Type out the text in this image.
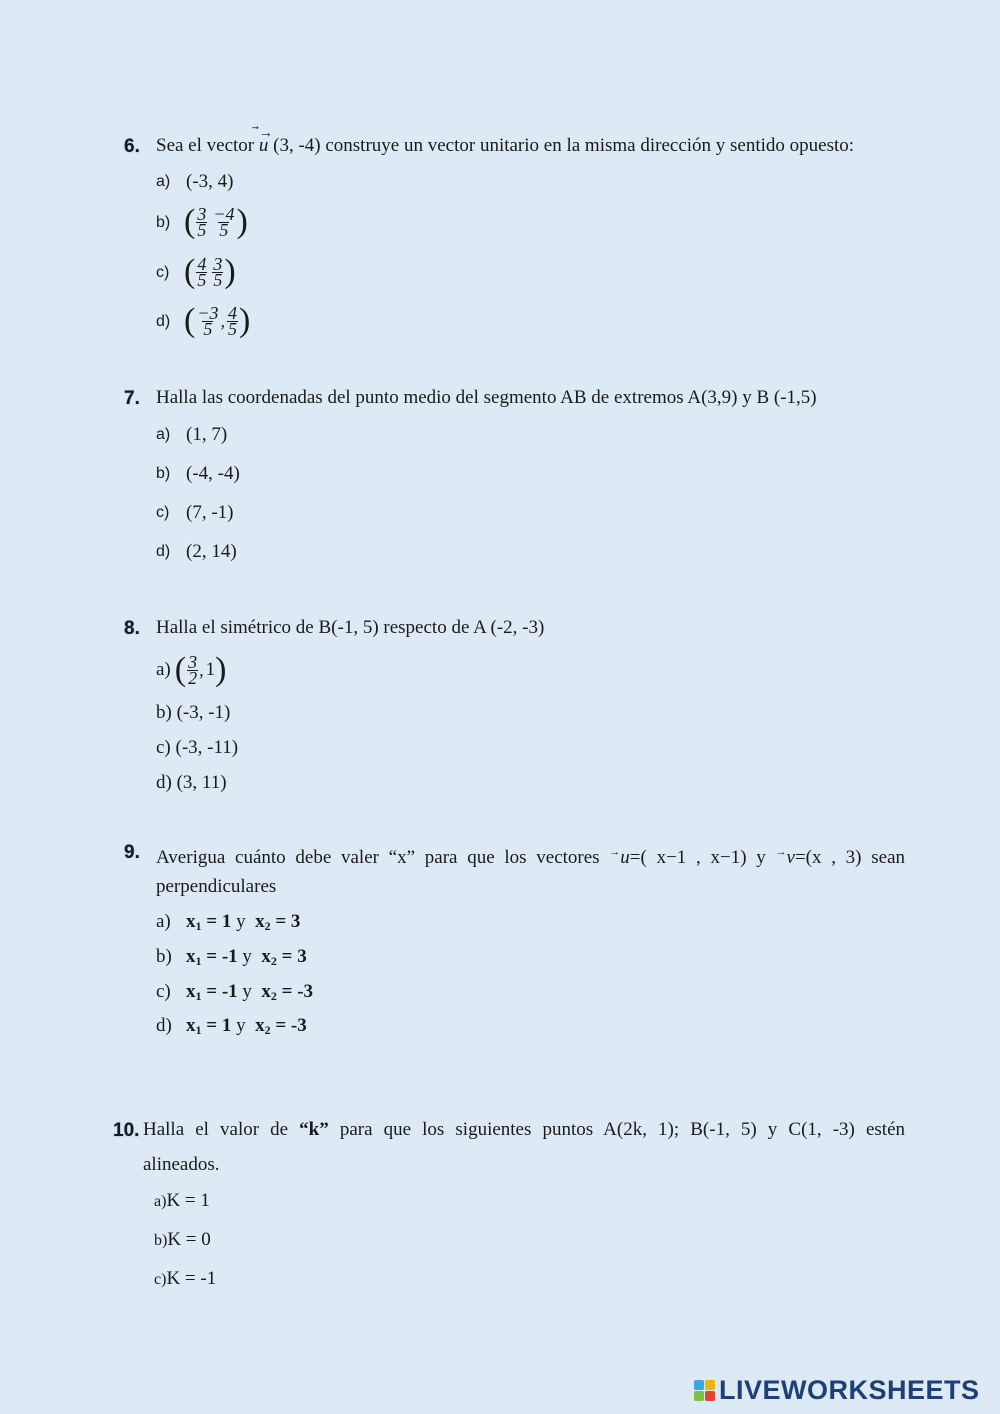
6. Sea el vector
⃗→
u (3, -4) construye un vector unitario en la misma dirección y sentido opuesto:
a) (-3, 4)
b) ( $\frac{3}{5} \frac{-4}{5}$ )
c) ( $\frac{4}{5} \frac{3}{5}$ )
d) ( $\frac{-3}{5}$ , $\frac{4}{5}$ )
7. Halla las coordenadas del punto medio del segmento AB de extremos A(3,9) y B (-1,5)
a) (1, 7)
b) (-4, -4)
c) (7, -1)
d) (2, 14)
8. Halla el simétrico de B(-1, 5) respecto de A (-2, -3)
a) ( $\frac{3}{2}$ , 1 )
b) (-3, -1)
c) (-3, -11)
d) (3, 11)
9. Averigua cuánto debe valer “x” para que los vectores →u=( x−1 , x−1) y →v=(x , 3) sean
perpendiculares
a) $x_1 = 1$ y $x_2 = 3$
b) $x_1 = -1$ y $x_2 = 3$
c) $x_1 = -1$ y $x_2 = -3$
d) $x_1 = 1$ y $x_2 = -3$
10. Halla el valor de “k” para que los siguientes puntos A(2k, 1); B(-1, 5) y C(1, -3) estén
alineados.
a)K = 1
b)K = 0
c)K = -1
LIVEWORKSHEETS
